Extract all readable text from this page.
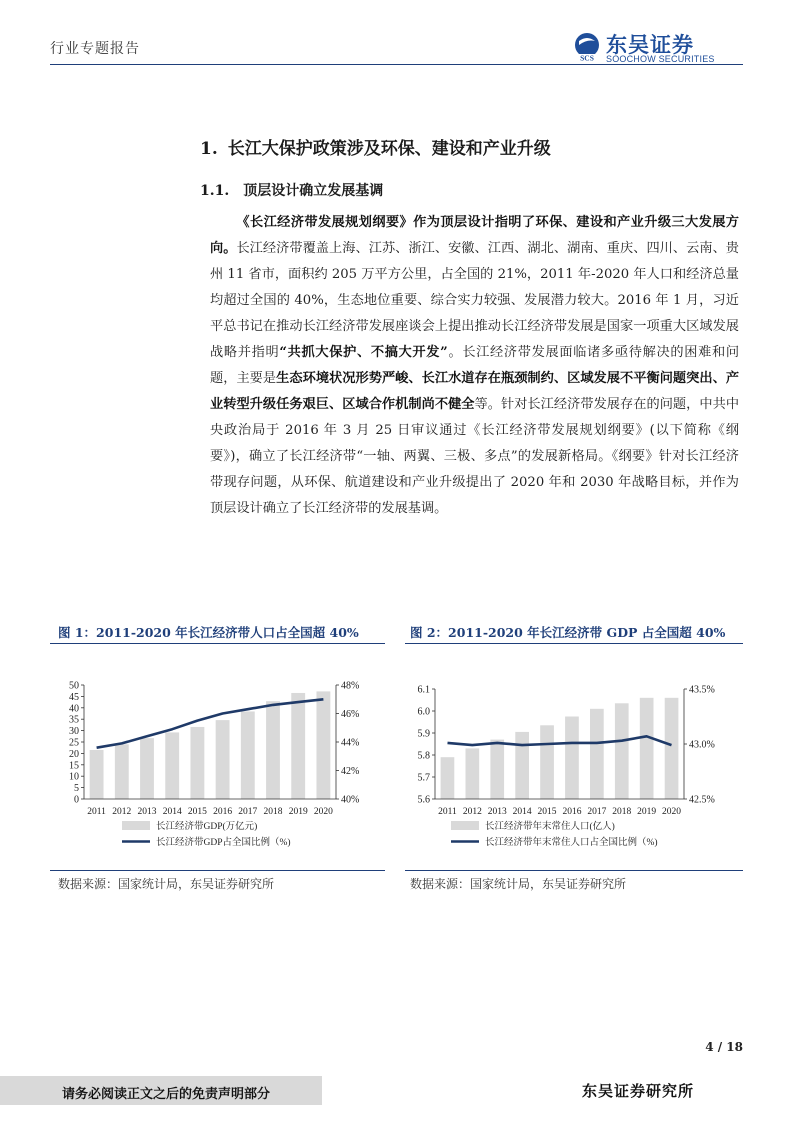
行业专题报告
SCS
东吴证券
SOOCHOW SECURITIES
1. 长江大保护政策涉及环保、建设和产业升级
1.1. 顶层设计确立发展基调

《长江经济带发展规划纲要》作为顶层设计指明了环保、建设和产业升级三大发展方向。长江经济带覆盖上海、江苏、浙江、安徽、江西、湖北、湖南、重庆、四川、云南、贵州 11 省市，面积约 205 万平方公里，占全国的 21%，2011 年-2020 年人口和经济总量均超过全国的 40%，生态地位重要、综合实力较强、发展潜力较大。2016 年 1 月，习近平总书记在推动长江经济带发展座谈会上提出推动长江经济带发展是国家一项重大区域发展战略并指明“共抓大保护、不搞大开发”。长江经济带发展面临诸多亟待解决的困难和问题，主要是生态环境状况形势严峻、长江水道存在瓶颈制约、区域发展不平衡问题突出、产业转型升级任务艰巨、区域合作机制尚不健全等。针对长江经济带发展存在的问题，中共中央政治局于 2016 年 3 月 25 日审议通过《长江经济带发展规划纲要》(以下简称《纲要》)，确立了长江经济带“一轴、两翼、三极、多点”的发展新格局。《纲要》针对长江经济带现存问题，从环保、航道建设和产业升级提出了 2020 年和 2030 年战略目标，并作为顶层设计确立了长江经济带的发展基调。

图 1：2011-2020 年长江经济带人口占全国超 40%
0
5
10
15
20
25
30
35
40
45
50
40%
42%
44%
46%
48%
2011 2012 2013 2014 2015 2016 2017 2018 2019 2020
长江经济带GDP(万亿元)
长江经济带GDP占全国比例（%)
数据来源：国家统计局，东吴证券研究所
图 2：2011-2020 年长江经济带 GDP 占全国超 40%
5.6
5.7
5.8
5.9
6.0
6.1
42.5%
43.0%
43.5%
2011 2012 2013 2014 2015 2016 2017 2018 2019 2020
长江经济带年末常住人口(亿人)
长江经济带年末常住人口占全国比例（%)
数据来源：国家统计局，东吴证券研究所
4 / 18
请务必阅读正文之后的免责声明部分	东吴证券研究所
